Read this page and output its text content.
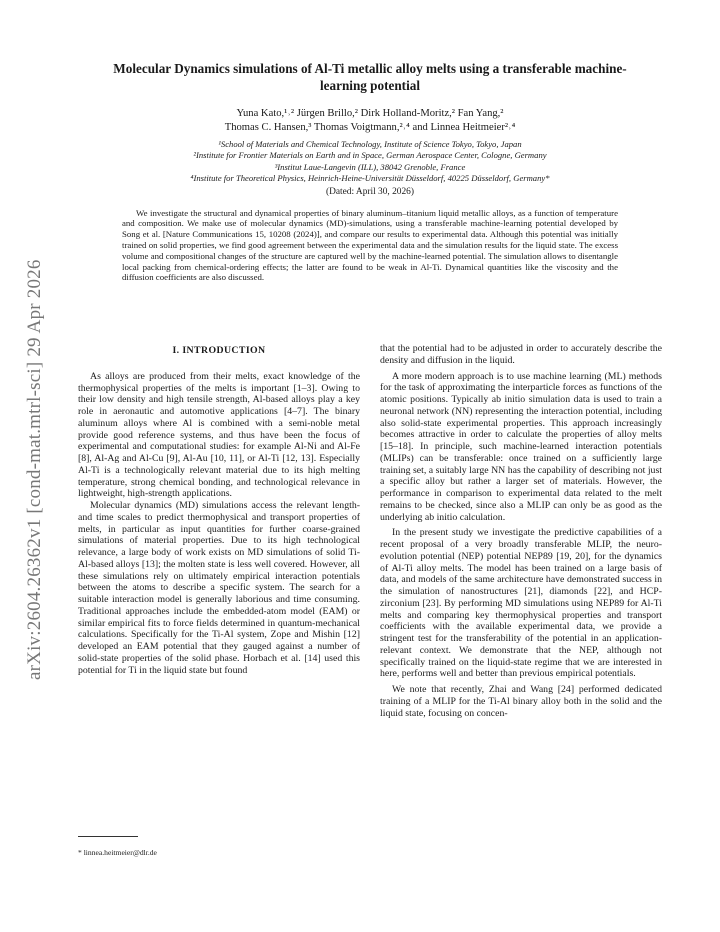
arXiv:2604.26362v1 [cond-mat.mtrl-sci] 29 Apr 2026
Molecular Dynamics simulations of Al-Ti metallic alloy melts using a transferable machine-learning potential
Yuna Kato,¹˒² Jürgen Brillo,² Dirk Holland-Moritz,² Fan Yang,²
Thomas C. Hansen,³ Thomas Voigtmann,²˒⁴ and Linnea Heitmeier²˒⁴
¹School of Materials and Chemical Technology, Institute of Science Tokyo, Tokyo, Japan
²Institute for Frontier Materials on Earth and in Space, German Aerospace Center, Cologne, Germany
³Institut Laue-Langevin (ILL), 38042 Grenoble, France
⁴Institute for Theoretical Physics, Heinrich-Heine-Universität Düsseldorf, 40225 Düsseldorf, Germany*
(Dated: April 30, 2026)

We investigate the structural and dynamical properties of binary aluminum–titanium liquid metallic alloys, as a function of temperature and composition. We make use of molecular dynamics (MD)-simulations, using a transferable machine-learning potential developed by Song et al. [Nature Communications 15, 10208 (2024)], and compare our results to experimental data. Although this potential was initially trained on solid properties, we find good agreement between the experimental data and the simulation results for the liquid state. The excess volume and compositional changes of the structure are captured well by the machine-learned potential. The simulation allows to disentangle local packing from chemical-ordering effects; the latter are found to be weak in Al-Ti. Dynamical quantities like the viscosity and the diffusion coefficients are also discussed.

I. INTRODUCTION

As alloys are produced from their melts, exact knowledge of the thermophysical properties of the melts is important [1–3]. Owing to their low density and high tensile strength, Al-based alloys play a key role in aeronautic and automotive applications [4–7]. The binary aluminum alloys where Al is combined with a semi-noble metal provide good reference systems, and thus have been the focus of experimental and computational studies: for example Al-Ni and Al-Fe [8], Al-Ag and Al-Cu [9], Al-Au [10, 11], or Al-Ti [12, 13]. Especially Al-Ti is a technologically relevant material due to its high melting temperature, strong chemical bonding, and technological relevance in lightweight, high-strength applications.

Molecular dynamics (MD) simulations access the relevant length- and time scales to predict thermophysical and transport properties of melts, in particular as input quantities for further coarse-grained simulations of material properties. Due to its high technological relevance, a large body of work exists on MD simulations of solid Ti-Al-based alloys [13]; the molten state is less well covered. However, all these simulations rely on ultimately empirical interaction potentials between the atoms to describe a specific system. The search for a suitable interaction model is generally laborious and time consuming. Traditional approaches include the embedded-atom model (EAM) or similar empirical fits to force fields determined in quantum-mechanical calculations. Specifically for the Ti-Al system, Zope and Mishin [12] developed an EAM potential that they gauged against a number of solid-state properties of the solid phase. Horbach et al. [14] used this potential for Ti in the liquid state but found

* linnea.heitmeier@dlr.de

that the potential had to be adjusted in order to accurately describe the density and diffusion in the liquid.

A more modern approach is to use machine learning (ML) methods for the task of approximating the interparticle forces as functions of the atomic positions. Typically ab initio simulation data is used to train a neuronal network (NN) representing the interaction potential, including also solid-state experimental properties. This approach increasingly becomes attractive in order to calculate the properties of alloy melts [15–18]. In principle, such machine-learned interaction potentials (MLIPs) can be transferable: once trained on a sufficiently large training set, a suitably large NN has the capability of describing not just a specific alloy but rather a larger set of materials. However, the performance in comparison to experimental data related to the melt remains to be checked, since also a MLIP can only be as good as the underlying ab initio calculation.

In the present study we investigate the predictive capabilities of a recent proposal of a very broadly transferable MLIP, the neuro-evolution potential (NEP) potential NEP89 [19, 20], for the dynamics of Al-Ti alloy melts. The model has been trained on a large basis of data, and models of the same architecture have demonstrated success in the simulation of nanostructures [21], diamonds [22], and HCP-zirconium [23]. By performing MD simulations using NEP89 for Al-Ti melts and comparing key thermophysical properties and transport coefficients with the available experimental data, we provide a stringent test for the transferability of the potential in an application-relevant context. We demonstrate that the NEP, although not specifically trained on the liquid-state regime that we are interested in here, performs well and better than previous empirical potentials.

We note that recently, Zhai and Wang [24] performed dedicated training of a MLIP for the Ti-Al binary alloy both in the solid and the liquid state, focusing on concen-
